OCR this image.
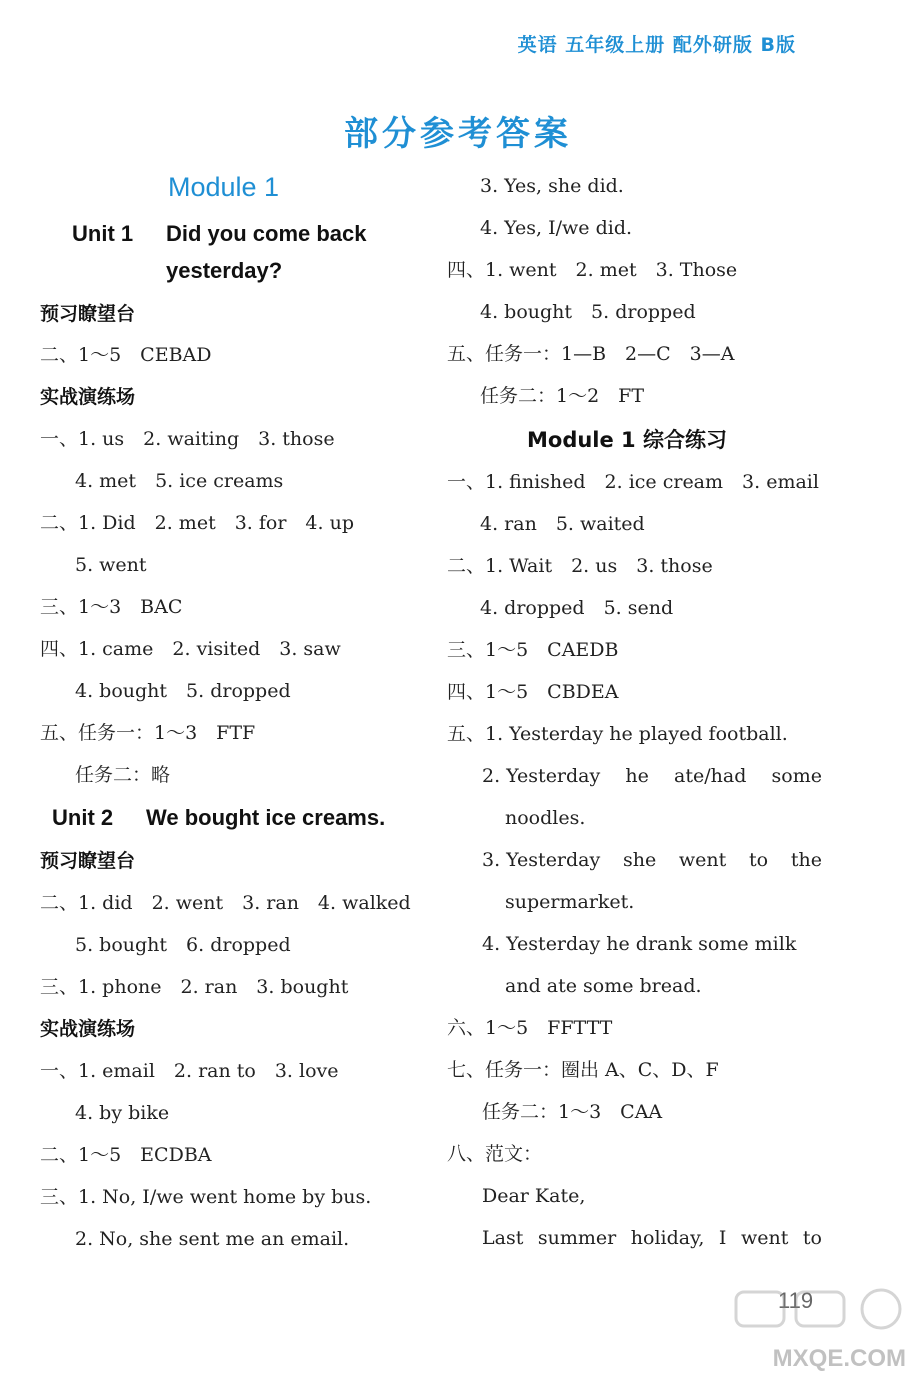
英语 五年级上册 配外研版 B版
部分参考答案
Module 1
Unit 1 Did you come back
yesterday?
预习瞭望台
二、1～5　CEBAD
实战演练场
一、1. us　2. waiting　3. those
4. met　5. ice creams
二、1. Did　2. met　3. for　4. up
5. went
三、1～3　BAC
四、1. came　2. visited　3. saw
4. bought　5. dropped
五、任务一：1～3　FTF
任务二：略
Unit 2 We bought ice creams.
预习瞭望台
二、1. did　2. went　3. ran　4. walked
5. bought　6. dropped
三、1. phone　2. ran　3. bought
实战演练场
一、1. email　2. ran to　3. love
4. by bike
二、1～5　ECDBA
三、1. No, I/we went home by bus.
2. No, she sent me an email.
3. Yes, she did.
4. Yes, I/we did.
四、1. went　2. met　3. Those
4. bought　5. dropped
五、任务一：1—B　2—C　3—A
任务二：1～2　FT
Module 1 综合练习
一、1. finished　2. ice cream　3. email
4. ran　5. waited
二、1. Wait　2. us　3. those
4. dropped　5. send
三、1～5　CAEDB
四、1～5　CBDEA
五、1. Yesterday he played football.
2. Yesterday he ate/had some
noodles.
3. Yesterday she went to the
supermarket.
4. Yesterday he drank some milk
and ate some bread.
六、1～5　FFTTT
七、任务一：圈出 A、C、D、F
任务二：1～3　CAA
八、范文：
Dear Kate,
Last summer holiday, I went to
119
MXQE.COM
